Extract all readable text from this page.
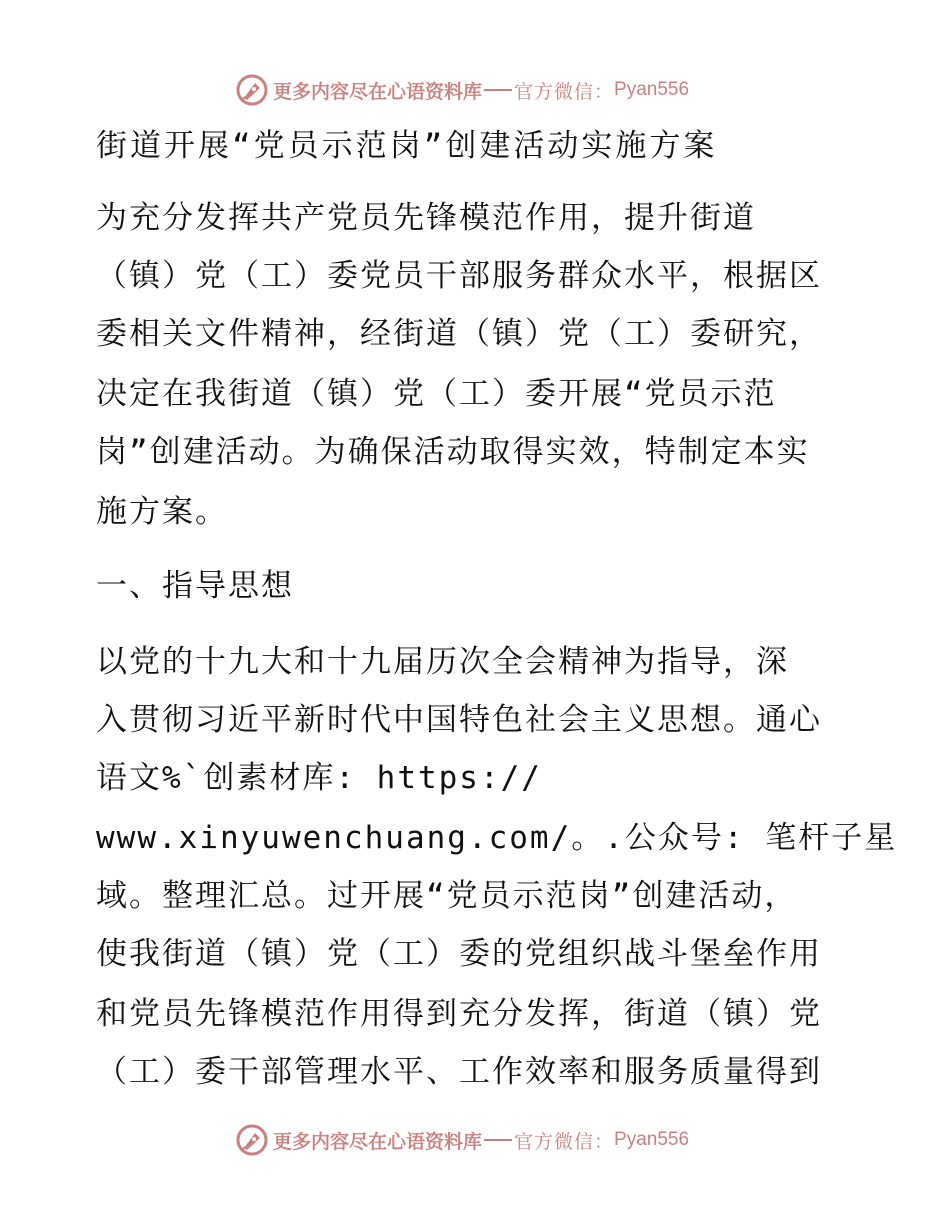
更多内容尽在心语资料库 官方微信： Pyan556
街道开展“党员示范岗”创建活动实施方案
为充分发挥共产党员先锋模范作用，提升街道
（镇）党（工）委党员干部服务群众水平，根据区
委相关文件精神，经街道（镇）党（工）委研究，
决定在我街道（镇）党（工）委开展“党员示范
岗”创建活动。为确保活动取得实效，特制定本实
施方案。
一、指导思想
以党的十九大和十九届历次全会精神为指导，深
入贯彻习近平新时代中国特色社会主义思想。通心
语文%`创素材库: https://
www.xinyuwenchuang.com/。.公众号: 笔杆子星
域。整理汇总。过开展“党员示范岗”创建活动，
使我街道（镇）党（工）委的党组织战斗堡垒作用
和党员先锋模范作用得到充分发挥，街道（镇）党
（工）委干部管理水平、工作效率和服务质量得到
更多内容尽在心语资料库 官方微信： Pyan556
